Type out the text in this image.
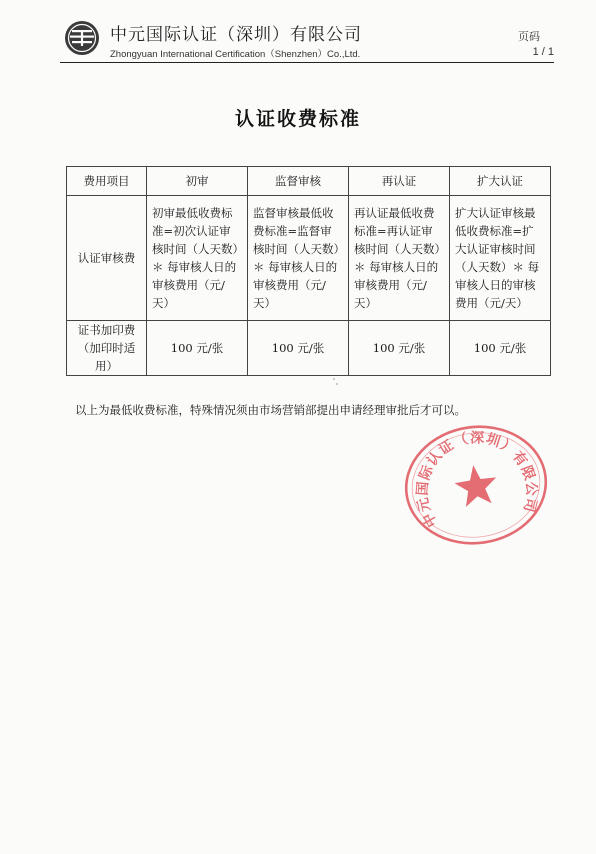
中元国际认证（深圳）有限公司
Zhongyuan International Certification（Shenzhen）Co.,Ltd.
页码
1 / 1
认证收费标准
费用项目	初审	监督审核	再认证	扩大认证
认证审核费	初审最低收费标准=初次认证审核时间（人天数）＊ 每审核人日的审核费用（元/天）	监督审核最低收费标准=监督审核时间（人天数）＊ 每审核人日的审核费用（元/天）	再认证最低收费标准=再认证审核时间（人天数）＊ 每审核人日的审核费用（元/天）	扩大认证审核最低收费标准=扩大认证审核时间（人天数）＊ 每审核人日的审核费用（元/天）
证书加印费（加印时适用）	100 元/张	100 元/张	100 元/张	100 元/张
以上为最低收费标准，特殊情况须由市场营销部提出申请经理审批后才可以。
中元国际认证（深圳）有限公司
